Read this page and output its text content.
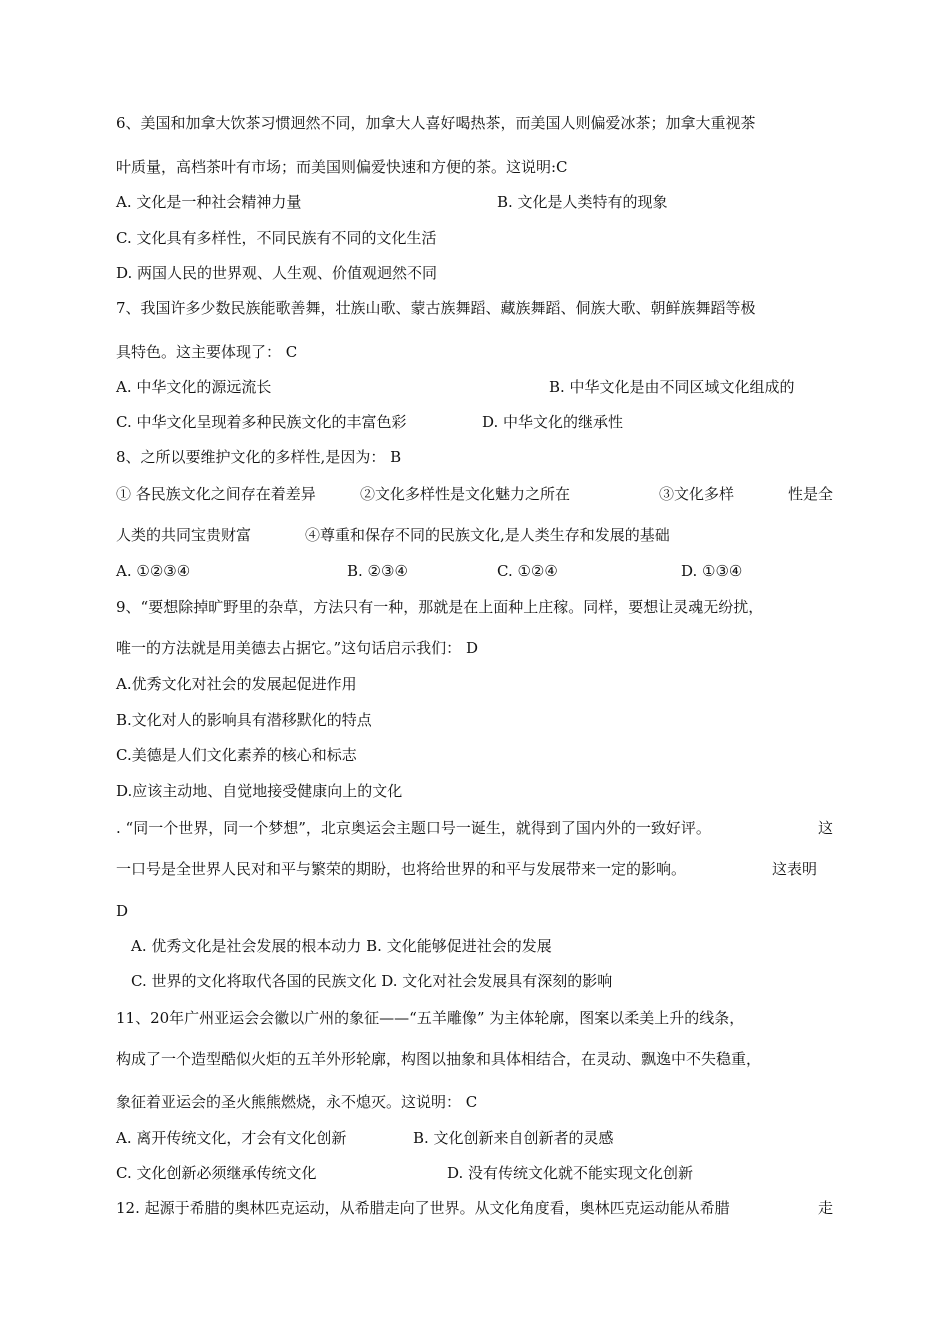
6、美国和加拿大饮茶习惯迥然不同，加拿大人喜好喝热茶，而美国人则偏爱冰茶；加拿大重视茶
叶质量，高档茶叶有市场；而美国则偏爱快速和方便的茶。这说明:C
A. 文化是一种社会精神力量	B. 文化是人类特有的现象
C. 文化具有多样性，不同民族有不同的文化生活
D. 两国人民的世界观、人生观、价值观迥然不同
7、我国许多少数民族能歌善舞，壮族山歌、蒙古族舞蹈、藏族舞蹈、侗族大歌、朝鲜族舞蹈等极
具特色。这主要体现了： C
A. 中华文化的源远流长	B. 中华文化是由不同区域文化组成的
C. 中华文化呈现着多种民族文化的丰富色彩	D. 中华文化的继承性
8、之所以要维护文化的多样性,是因为： B
① 各民族文化之间存在着差异	②文化多样性是文化魅力之所在	③文化多样	性是全
人类的共同宝贵财富	④尊重和保存不同的民族文化,是人类生存和发展的基础
A. ①②③④	B. ②③④	C. ①②④	D. ①③④
9、“要想除掉旷野里的杂草，方法只有一种，那就是在上面种上庄稼。同样，要想让灵魂无纷扰，
唯一的方法就是用美德去占据它。”这句话启示我们： D
A.优秀文化对社会的发展起促进作用
B.文化对人的影响具有潜移默化的特点
C.美德是人们文化素养的核心和标志
D.应该主动地、自觉地接受健康向上的文化
. “同一个世界，同一个梦想”，北京奥运会主题口号一诞生，就得到了国内外的一致好评。	这
一口号是全世界人民对和平与繁荣的期盼，也将给世界的和平与发展带来一定的影响。	这表明
D
A. 优秀文化是社会发展的根本动力 B. 文化能够促进社会的发展
C. 世界的文化将取代各国的民族文化 D. 文化对社会发展具有深刻的影响
11、20年广州亚运会会徽以广州的象征——“五羊雕像” 为主体轮廓，图案以柔美上升的线条，
构成了一个造型酷似火炬的五羊外形轮廓，构图以抽象和具体相结合，在灵动、飘逸中不失稳重，
象征着亚运会的圣火熊熊燃烧，永不熄灭。这说明： C
A. 离开传统文化，才会有文化创新	B. 文化创新来自创新者的灵感
C. 文化创新必须继承传统文化	D. 没有传统文化就不能实现文化创新
12. 起源于希腊的奥林匹克运动，从希腊走向了世界。从文化角度看，奥林匹克运动能从希腊	走
